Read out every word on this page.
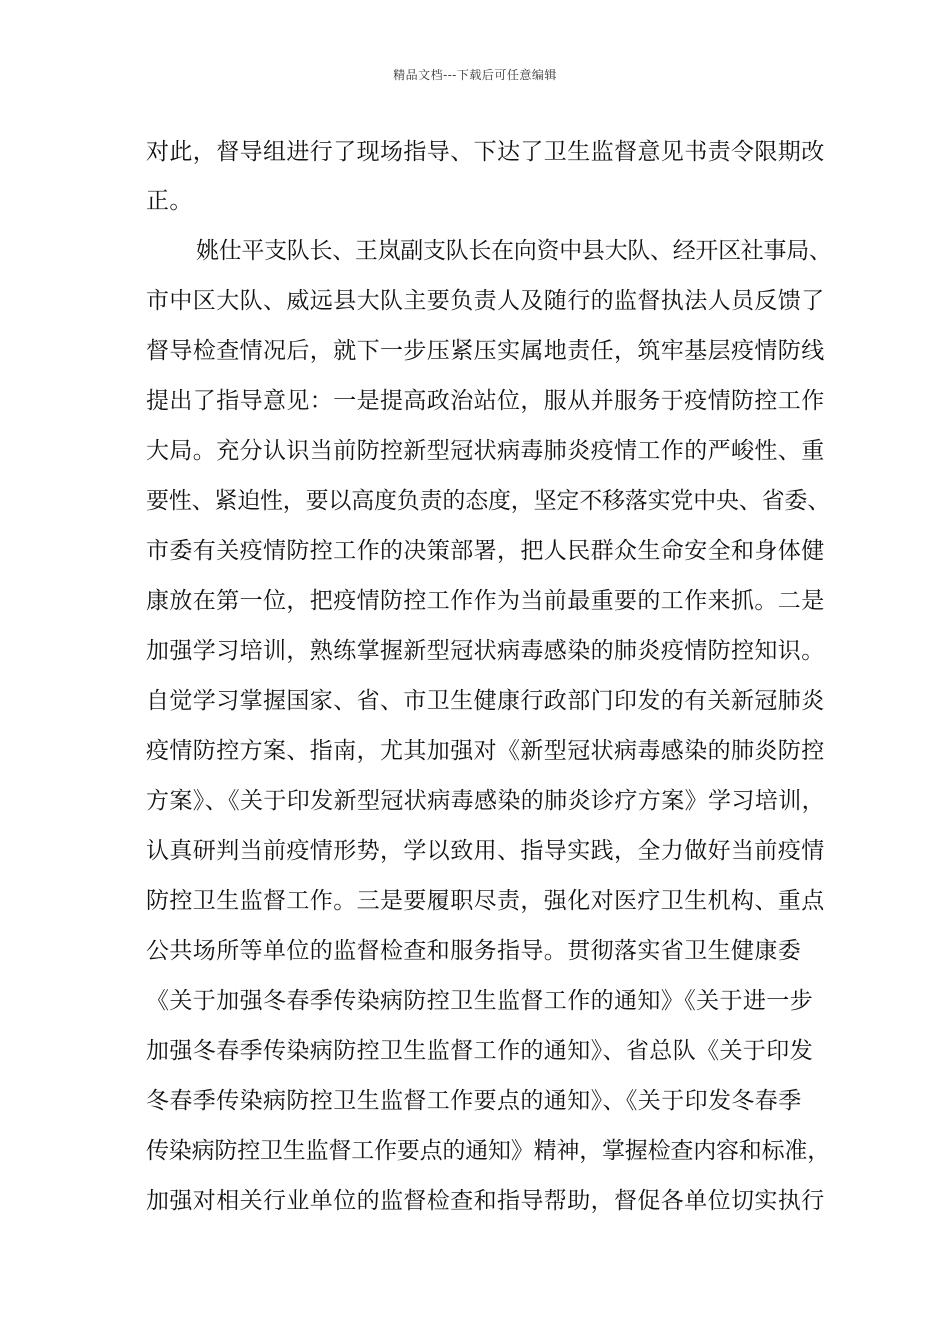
精品文档---下载后可任意编辑
对此，督导组进行了现场指导、下达了卫生监督意见书责令限期改
正。
姚仕平支队长、王岚副支队长在向资中县大队、经开区社事局、
市中区大队、威远县大队主要负责人及随行的监督执法人员反馈了
督导检查情况后，就下一步压紧压实属地责任，筑牢基层疫情防线
提出了指导意见：一是提高政治站位，服从并服务于疫情防控工作
大局。充分认识当前防控新型冠状病毒肺炎疫情工作的严峻性、重
要性、紧迫性，要以高度负责的态度，坚定不移落实党中央、省委、
市委有关疫情防控工作的决策部署，把人民群众生命安全和身体健
康放在第一位，把疫情防控工作作为当前最重要的工作来抓。二是
加强学习培训，熟练掌握新型冠状病毒感染的肺炎疫情防控知识。
自觉学习掌握国家、省、市卫生健康行政部门印发的有关新冠肺炎
疫情防控方案、指南，尤其加强对《新型冠状病毒感染的肺炎防控
方案》、《关于印发新型冠状病毒感染的肺炎诊疗方案》学习培训，
认真研判当前疫情形势，学以致用、指导实践，全力做好当前疫情
防控卫生监督工作。三是要履职尽责，强化对医疗卫生机构、重点
公共场所等单位的监督检查和服务指导。贯彻落实省卫生健康委
《关于加强冬春季传染病防控卫生监督工作的通知》《关于进一步
加强冬春季传染病防控卫生监督工作的通知》、省总队《关于印发
冬春季传染病防控卫生监督工作要点的通知》、《关于印发冬春季
传染病防控卫生监督工作要点的通知》精神，掌握检查内容和标准，
加强对相关行业单位的监督检查和指导帮助，督促各单位切实执行
